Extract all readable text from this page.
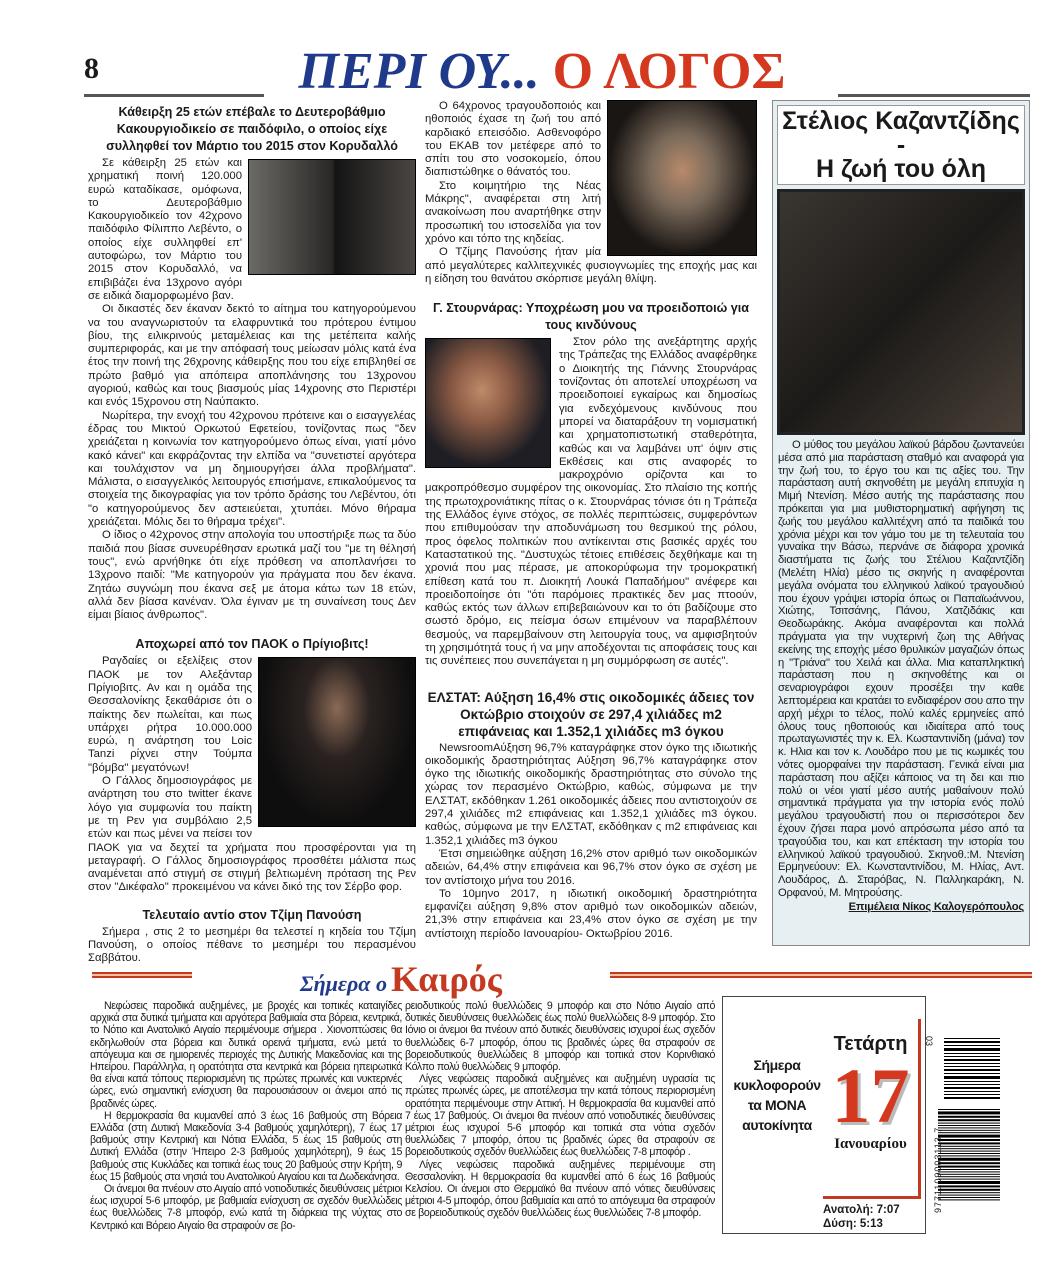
8	ΠΕΡΙ ΟΥ... Ο ΛΟΓΟΣ
Κάθειρξη 25 ετών επέβαλε το Δευτεροβάθμιο Κακουργιοδικείο σε παιδόφιλο, ο οποίος είχε συλληφθεί τον Μάρτιο του 2015 στον Κορυδαλλό

Σε κάθειρξη 25 ετών και χρηματική ποινή 120.000 ευρώ καταδίκασε, ομόφωνα, το Δευτεροβάθμιο Κακουργιοδικείο τον 42χρονο παιδόφιλο Φίλιππο Λεβέντο, ο οποίος είχε συλληφθεί επ' αυτοφώρω, τον Μάρτιο του 2015 στον Κορυδαλλό, να επιβιβάζει ένα 13χρονο αγόρι σε ειδικά διαμορφωμένο βαν.

Οι δικαστές δεν έκαναν δεκτό το αίτημα του κατηγορούμενου να του αναγνωριστούν τα ελαφρυντικά του πρότερου έντιμου βίου, της ειλικρινούς μεταμέλειας και της μετέπειτα καλής συμπεριφοράς, και με την απόφασή τους μείωσαν μόλις κατά ένα έτος την ποινή της 26χρονης κάθειρξης που του είχε επιβληθεί σε πρώτο βαθμό για απόπειρα αποπλάνησης του 13χρονου αγοριού, καθώς και τους βιασμούς μίας 14χρονης στο Περιστέρι και ενός 15χρονου στη Ναύπακτο.

Νωρίτερα, την ενοχή του 42χρονου πρότεινε και ο εισαγγελέας έδρας του Μικτού Ορκωτού Εφετείου, τονίζοντας πως "δεν χρειάζεται η κοινωνία τον κατηγορούμενο όπως είναι, γιατί μόνο κακό κάνει" και εκφράζοντας την ελπίδα να "συνετιστεί αργότερα και τουλάχιστον να μη δημιουργήσει άλλα προβλήματα". Μάλιστα, ο εισαγγελικός λειτουργός επισήμανε, επικαλούμενος τα στοιχεία της δικογραφίας για τον τρόπο δράσης του Λεβέντου, ότι "ο κατηγορούμενος δεν αστειεύεται, χτυπάει. Μόνο θήραμα χρειάζεται. Μόλις δει το θήραμα τρέχει".

Ο ίδιος ο 42χρονος στην απολογία του υποστήριξε πως τα δύο παιδιά που βίασε συνευρέθησαν ερωτικά μαζί του "με τη θέλησή τους", ενώ αρνήθηκε ότι είχε πρόθεση να αποπλανήσει το 13χρονο παιδί: "Με κατηγορούν για πράγματα που δεν έκανα. Ζητάω συγνώμη που έκανα σεξ με άτομα κάτω των 18 ετών, αλλά δεν βίασα κανέναν. Όλα έγιναν με τη συναίνεση τους Δεν είμαι βίαιος άνθρωπος".

Αποχωρεί από τον ΠΑΟΚ ο Πρίγιοβιτς!

Ραγδαίες οι εξελίξεις στον ΠΑΟΚ με τον Αλεξάνταρ Πρίγιοβιτς. Αν και η ομάδα της Θεσσαλονίκης ξεκαθάρισε ότι ο παίκτης δεν πωλείται, και πως υπάρχει ρήτρα 10.000.000 ευρώ, η ανάρτηση του Loic Tanzi ρίχνει στην Τούμπα "βόμβα" μεγατόνων!

Ο Γάλλος δημοσιογράφος με ανάρτηση του στο twitter έκανε λόγο για συμφωνία του παίκτη με τη Ρεν για συμβόλαιο 2,5 ετών και πως μένει να πείσει τον ΠΑΟΚ για να δεχτεί τα χρήματα που προσφέρονται για τη μεταγραφή. Ο Γάλλος δημοσιογράφος προσθέτει μάλιστα πως αναμένεται από στιγμή σε στιγμή βελτιωμένη πρόταση της Ρεν στον "Δικέφαλο" προκειμένου να κάνει δικό της τον Σέρβο φορ.

Τελευταίο αντίο στον Τζίμη Πανούση

Σήμερα , στις 2 το μεσημέρι θα τελεστεί η κηδεία του Τζίμη Πανούση, ο οποίος πέθανε το μεσημέρι του περασμένου Σαββάτου.

Ο 64χρονος τραγουδοποιός και ηθοποιός έχασε τη ζωή του από καρδιακό επεισόδιο. Ασθενοφόρο του ΕΚΑΒ τον μετέφερε από το σπίτι του στο νοσοκομείο, όπου διαπιστώθηκε ο θάνατός του.

Στο κοιμητήριο της Νέας Μάκρης", αναφέρεται στη λιτή ανακοίνωση που αναρτήθηκε στην προσωπική του ιστοσελίδα για τον χρόνο και τόπο της κηδείας.

Ο Τζίμης Πανούσης ήταν μία από μεγαλύτερες καλλιτεχνικές φυσιογνωμίες της εποχής μας και η είδηση του θανάτου σκόρπισε μεγάλη θλίψη.

Γ. Στουρνάρας: Υποχρέωση μου να προειδοποιώ για τους κινδύνους

Στον ρόλο της ανεξάρτητης αρχής της Τράπεζας της Ελλάδος αναφέρθηκε ο Διοικητής της Γιάννης Στουρνάρας τονίζοντας ότι αποτελεί υποχρέωση να προειδοποιεί εγκαίρως και δημοσίως για ενδεχόμενους κινδύνους που μπορεί να διαταράξουν τη νομισματική και χρηματοπιστωτική σταθερότητα, καθώς και να λαμβάνει υπ' όψιν στις Εκθέσεις και στις αναφορές το μακροχρόνιο ορίζοντα και το μακροπρόθεσμο συμφέρον της οικονομίας. Στο πλαίσιο της κοπής της πρωτοχρονιάτικης πίτας ο κ. Στουρνάρας τόνισε ότι η Τράπεζα της Ελλάδος έγινε στόχος, σε πολλές περιπτώσεις, συμφερόντων που επιθυμούσαν την αποδυνάμωση του θεσμικού της ρόλου, προς όφελος πολιτικών που αντίκεινται στις βασικές αρχές του Καταστατικού της. "Δυστυχώς τέτοιες επιθέσεις δεχθήκαμε και τη χρονιά που μας πέρασε, με αποκορύφωμα την τρομοκρατική επίθεση κατά του π. Διοικητή Λουκά Παπαδήμου" ανέφερε και προειδοποίησε ότι "ότι παρόμοιες πρακτικές δεν μας πτοούν, καθώς εκτός των άλλων επιβεβαιώνουν και το ότι βαδίζουμε στο σωστό δρόμο, εις πείσμα όσων επιμένουν να παραβλέπουν θεσμούς, να παρεμβαίνουν στη λειτουργία τους, να αμφισβητούν τη χρησιμότητά τους ή να μην αποδέχονται τις αποφάσεις τους και τις συνέπειες που συνεπάγεται η μη συμμόρφωση σε αυτές".

ΕΛΣΤΑΤ: Αύξηση 16,4% στις οικοδομικές άδειες τον Οκτώβριο στοιχούν σε 297,4 χιλιάδες m2 επιφάνειας και 1.352,1 χιλιάδες m3 όγκου

NewsroomΑύξηση 96,7% καταγράφηκε στον όγκο της ιδιωτικής οικοδομικής δραστηριότητας Αύξηση 96,7% καταγράφηκε στον όγκο της ιδιωτικής οικοδομικής δραστηριότητας στο σύνολο της χώρας τον περασμένο Οκτώβριο, καθώς, σύμφωνα με την ΕΛΣΤΑΤ, εκδόθηκαν 1.261 οικοδομικές άδειες που αντιστοιχούν σε 297,4 χιλιάδες m2 επιφάνειας και 1.352,1 χιλιάδες m3 όγκου. καθώς, σύμφωνα με την ΕΛΣΤΑΤ, εκδόθηκαν ς m2 επιφάνειας και 1.352,1 χιλιάδες m3 όγκου

Έτσι σημειώθηκε αύξηση 16,2% στον αριθμό των οικοδομικών αδειών, 64,4% στην επιφάνεια και 96,7% στον όγκο σε σχέση με τον αντίστοιχο μήνα του 2016.

Το 10μηνο 2017, η ιδιωτική οικοδομική δραστηριότητα εμφανίζει αύξηση 9,8% στον αριθμό των οικοδομικών αδειών, 21,3% στην επιφάνεια και 23,4% στον όγκο σε σχέση με την αντίστοιχη περίοδο Ιανουαρίου- Οκτωβρίου 2016.

Στέλιος Καζαντζίδης -
Η ζωή του όλη

Ο μύθος του μεγάλου λαϊκού βάρδου ζωντανεύει μέσα από μια παράσταση σταθμό και αναφορά για την ζωή του, το έργο του και τις αξίες του. Την παράσταση αυτή σκηνοθέτη με μεγάλη επιτυχία η Μιμή Ντενίση. Μέσο αυτής της παράστασης που πρόκειται για μια μυθιστορηματική αφήγηση τις ζωής του μεγάλου καλλιτέχνη από τα παιδικά του χρόνια μέχρι και τον γάμο του με τη τελευταία του γυναίκα την Βάσω, περνάνε σε διάφορα χρονικά διαστήματα τις ζωής του Στέλιου Καζαντζίδη (Μελέτη Ηλία) μέσο τις σκηνής η αναφέρονται μεγάλα ονόματα του ελληνικού λαϊκού τραγουδιού που έχουν γράψει ιστορία όπως οι Παπαϊωάννου, Χιώτης, Τσιτσάνης, Πάνου, Χατζιδάκις και Θεοδωράκης. Ακόμα αναφέρονται και πολλά πράγματα για την νυχτερινή ζωη της Αθήνας εκείνης της εποχής μέσο θρυλικών μαγαζιών όπως η "Τριάνα" του Χειλά και άλλα. Μια καταπληκτική παράσταση που η σκηνοθέτης και οι σεναριογράφοι εχουν προσέξει την καθε λεπτομέρεια και κρατάει το ενδιαφέρον σου απο την αρχή μέχρι το τέλος, πολύ καλές ερμηνείες από όλους τους ηθοποιούς και ιδιαίτερα από τους πρωταγωνιστές την κ. Ελ. Κωσταντινίδη (μάνα) τον κ. Ηλια και τον κ. Λουδάρο που με τις κωμικές του νότες ομορφαίνει την παράσταση. Γενικά είναι μια παράσταση που αξίζει κάποιος να τη δει και πιο πολύ οι νέοι γιατί μέσο αυτής μαθαίνουν πολύ σημαντικά πράγματα για την ιστορία ενός πολύ μεγάλου τραγουδιστή που οι περισσότεροι δεν έχουν ζήσει παρα μονό απρόσωπα μέσο από τα τραγούδια του, και κατ επέκταση την ιστορία του ελληνικού λαϊκού τραγουδιού. Σκηνοθ.:Μ. Ντενίση Ερμηνεύουν: Ελ. Κωνσταντινίδου, Μ. Ηλίας, Αντ. Λουδάρος, Δ. Σταρόβας, Ν. Παλληκαράκη, Ν. Ορφανού, Μ. Μητρούσης.

Επιμέλεια Νίκος Καλογερόπουλος
Σήμερα ο Καιρός

Νεφώσεις παροδικά αυξημένες, με βροχές και τοπικές καταιγίδες αρχικά στα δυτικά τμήματα και αργότερα βαθμιαία στα βόρεια, κεντρικά, το Νότιο και Ανατολικό Αιγαίο περιμένουμε σήμερα . Χιονοπτώσεις θα εκδηλωθούν στα βόρεια και δυτικά ορεινά τμήματα, ενώ μετά το απόγευμα και σε ημιορεινές περιοχές της Δυτικής Μακεδονίας και της Ηπείρου. Παράλληλα, η ορατότητα στα κεντρικά και βόρεια ηπειρωτικά θα είναι κατά τόπους περιορισμένη τις πρώτες πρωινές και νυκτερινές ώρες, ενώ σημαντική ενίσχυση θα παρουσιάσουν οι άνεμοι από τις βραδινές ώρες.

Η θερμοκρασία θα κυμανθεί από 3 έως 16 βαθμούς στη Βόρεια Ελλάδα (στη Δυτική Μακεδονία 3-4 βαθμούς χαμηλότερη), 7 έως 17 βαθμούς στην Κεντρική και Νότια Ελλάδα, 5 έως 15 βαθμούς στη Δυτική Ελλάδα (στην Ήπειρο 2-3 βαθμούς χαμηλότερη), 9 έως 15 βαθμούς στις Κυκλάδες και τοπικά έως τους 20 βαθμούς στην Κρήτη, 9 έως 15 βαθμούς στα νησιά του Ανατολικού Αιγαίου και τα Δωδεκάνησα.

Οι άνεμοι θα πνέουν στο Αιγαίο από νοτιοδυτικές διευθύνσεις μέτριοι έως ισχυροί 5-6 μποφόρ, με βαθμιαία ενίσχυση σε σχεδόν θυελλώδεις έως θυελλώδεις 7-8 μποφόρ, ενώ κατά τη διάρκεια της νύχτας στο Κεντρικό και Βόρειο Αιγαίο θα στραφούν σε βο-

ρειοδυτικούς πολύ θυελλώδεις 9 μποφόρ και στο Νότιο Αιγαίο από δυτικές διευθύνσεις θυελλώδεις έως πολύ θυελλώδεις 8-9 μποφόρ. Στο Ιόνιο οι άνεμοι θα πνέουν από δυτικές διευθύνσεις ισχυροί έως σχεδόν θυελλώδεις 6-7 μποφόρ, όπου τις βραδινές ώρες θα στραφούν σε βορειοδυτικούς θυελλώδεις 8 μποφόρ και τοπικά στον Κορινθιακό Κόλπο πολύ θυελλώδεις 9 μποφόρ.

Λίγες νεφώσεις παροδικά αυξημένες και αυξημένη υγρασία τις πρώτες πρωινές ώρες, με αποτέλεσμα την κατά τόπους περιορισμένη ορατότητα περιμένουμε στην Αττική. Η θερμοκρασία θα κυμανθεί από 7 έως 17 βαθμούς. Οι άνεμοι θα πνέουν από νοτιοδυτικές διευθύνσεις μέτριοι έως ισχυροί 5-6 μποφόρ και τοπικά στα νότια σχεδόν θυελλώδεις 7 μποφόρ, όπου τις βραδινές ώρες θα στραφούν σε βορειοδυτικούς σχεδόν θυελλώδεις έως θυελλώδεις 7-8 μποφόρ .

Λίγες νεφώσεις παροδικά αυξημένες περιμένουμε στη Θεσσαλονίκη. Η θερμοκρασία θα κυμανθεί από 6 έως 16 βαθμούς Κελσίου. Οι άνεμοι στο Θερμαϊκό θα πνέουν από νότιες διευθύνσεις μέτριοι 4-5 μποφόρ, όπου βαθμιαία και από το απόγευμα θα στραφούν σε βορειοδυτικούς σχεδόν θυελλώδεις έως θυελλώδεις 7-8 μποφόρ.

Σήμερα
κυκλοφορούν
τα ΜΟΝΑ
αυτοκίνητα
Τετάρτη
17
Ιανουαρίου
Ανατολή: 7:07
Δύση: 5:13
03
9771109003113 7
